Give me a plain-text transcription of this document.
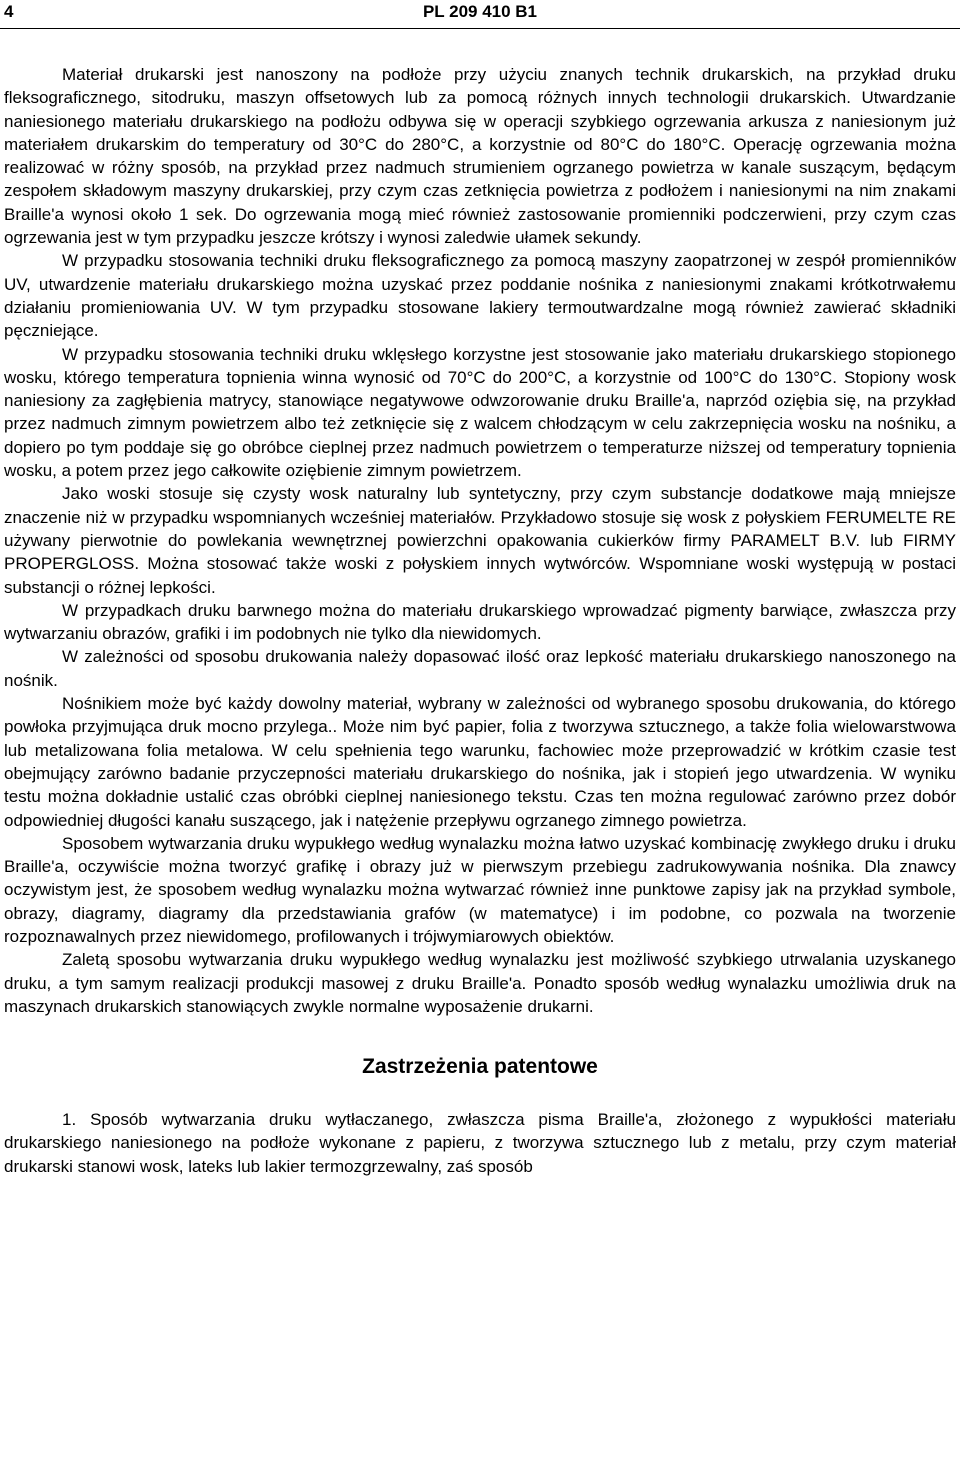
4	PL 209 410 B1

Materiał drukarski jest nanoszony na podłoże przy użyciu znanych technik drukarskich, na przykład druku fleksograficznego, sitodruku, maszyn offsetowych lub za pomocą różnych innych technologii drukarskich. Utwardzanie naniesionego materiału drukarskiego na podłożu odbywa się w operacji szybkiego ogrzewania arkusza z naniesionym już materiałem drukarskim do temperatury od 30°C do 280°C, a korzystnie od 80°C do 180°C. Operację ogrzewania można realizować w różny sposób, na przykład przez nadmuch strumieniem ogrzanego powietrza w kanale suszącym, będącym zespołem składowym maszyny drukarskiej, przy czym czas zetknięcia powietrza z podłożem i naniesionymi na nim znakami Braille'a wynosi około 1 sek. Do ogrzewania mogą mieć również zastosowanie promienniki podczerwieni, przy czym czas ogrzewania jest w tym przypadku jeszcze krótszy i wynosi zaledwie ułamek sekundy.

W przypadku stosowania techniki druku fleksograficznego za pomocą maszyny zaopatrzonej w zespół promienników UV, utwardzenie materiału drukarskiego można uzyskać przez poddanie nośnika z naniesionymi znakami krótkotrwałemu działaniu promieniowania UV. W tym przypadku stosowane lakiery termoutwardzalne mogą również zawierać składniki pęczniejące.

W przypadku stosowania techniki druku wklęsłego korzystne jest stosowanie jako materiału drukarskiego stopionego wosku, którego temperatura topnienia winna wynosić od 70°C do 200°C, a korzystnie od 100°C do 130°C. Stopiony wosk naniesiony za zagłębienia matrycy, stanowiące negatywowe odwzorowanie druku Braille'a, naprzód oziębia się, na przykład przez nadmuch zimnym powietrzem albo też zetknięcie się z walcem chłodzącym w celu zakrzepnięcia wosku na nośniku, a dopiero po tym poddaje się go obróbce cieplnej przez nadmuch powietrzem o temperaturze niższej od temperatury topnienia wosku, a potem przez jego całkowite oziębienie zimnym powietrzem.

Jako woski stosuje się czysty wosk naturalny lub syntetyczny, przy czym substancje dodatkowe mają mniejsze znaczenie niż w przypadku wspomnianych wcześniej materiałów. Przykładowo stosuje się wosk z połyskiem FERUMELTE RE używany pierwotnie do powlekania wewnętrznej powierzchni opakowania cukierków firmy PARAMELT B.V. lub FIRMY PROPERGLOSS. Można stosować także woski z połyskiem innych wytwórców. Wspomniane woski występują w postaci substancji o różnej lepkości.

W przypadkach druku barwnego można do materiału drukarskiego wprowadzać pigmenty barwiące, zwłaszcza przy wytwarzaniu obrazów, grafiki i im podobnych nie tylko dla niewidomych.

W zależności od sposobu drukowania należy dopasować ilość oraz lepkość materiału drukarskiego nanoszonego na nośnik.

Nośnikiem może być każdy dowolny materiał, wybrany w zależności od wybranego sposobu drukowania, do którego powłoka przyjmująca druk mocno przylega.. Może nim być papier, folia z tworzywa sztucznego, a także folia wielowarstwowa lub metalizowana folia metalowa. W celu spełnienia tego warunku, fachowiec może przeprowadzić w krótkim czasie test obejmujący zarówno badanie przyczepności materiału drukarskiego do nośnika, jak i stopień jego utwardzenia. W wyniku testu można dokładnie ustalić czas obróbki cieplnej naniesionego tekstu. Czas ten można regulować zarówno przez dobór odpowiedniej długości kanału suszącego, jak i natężenie przepływu ogrzanego zimnego powietrza.

Sposobem wytwarzania druku wypukłego według wynalazku można łatwo uzyskać kombinację zwykłego druku i druku Braille'a, oczywiście można tworzyć grafikę i obrazy już w pierwszym przebiegu zadrukowywania nośnika. Dla znawcy oczywistym jest, że sposobem według wynalazku można wytwarzać również inne punktowe zapisy jak na przykład symbole, obrazy, diagramy, diagramy dla przedstawiania grafów (w matematyce) i im podobne, co pozwala na tworzenie rozpoznawalnych przez niewidomego, profilowanych i trójwymiarowych obiektów.

Zaletą sposobu wytwarzania druku wypukłego według wynalazku jest możliwość szybkiego utrwalania uzyskanego druku, a tym samym realizacji produkcji masowej z druku Braille'a. Ponadto sposób według wynalazku umożliwia druk na maszynach drukarskich stanowiących zwykle normalne wyposażenie drukarni.

Zastrzeżenia patentowe

1. Sposób wytwarzania druku wytłaczanego, zwłaszcza pisma Braille'a, złożonego z wypukłości materiału drukarskiego naniesionego na podłoże wykonane z papieru, z tworzywa sztucznego lub z metalu, przy czym materiał drukarski stanowi wosk, lateks lub lakier termozgrzewalny, zaś sposób
